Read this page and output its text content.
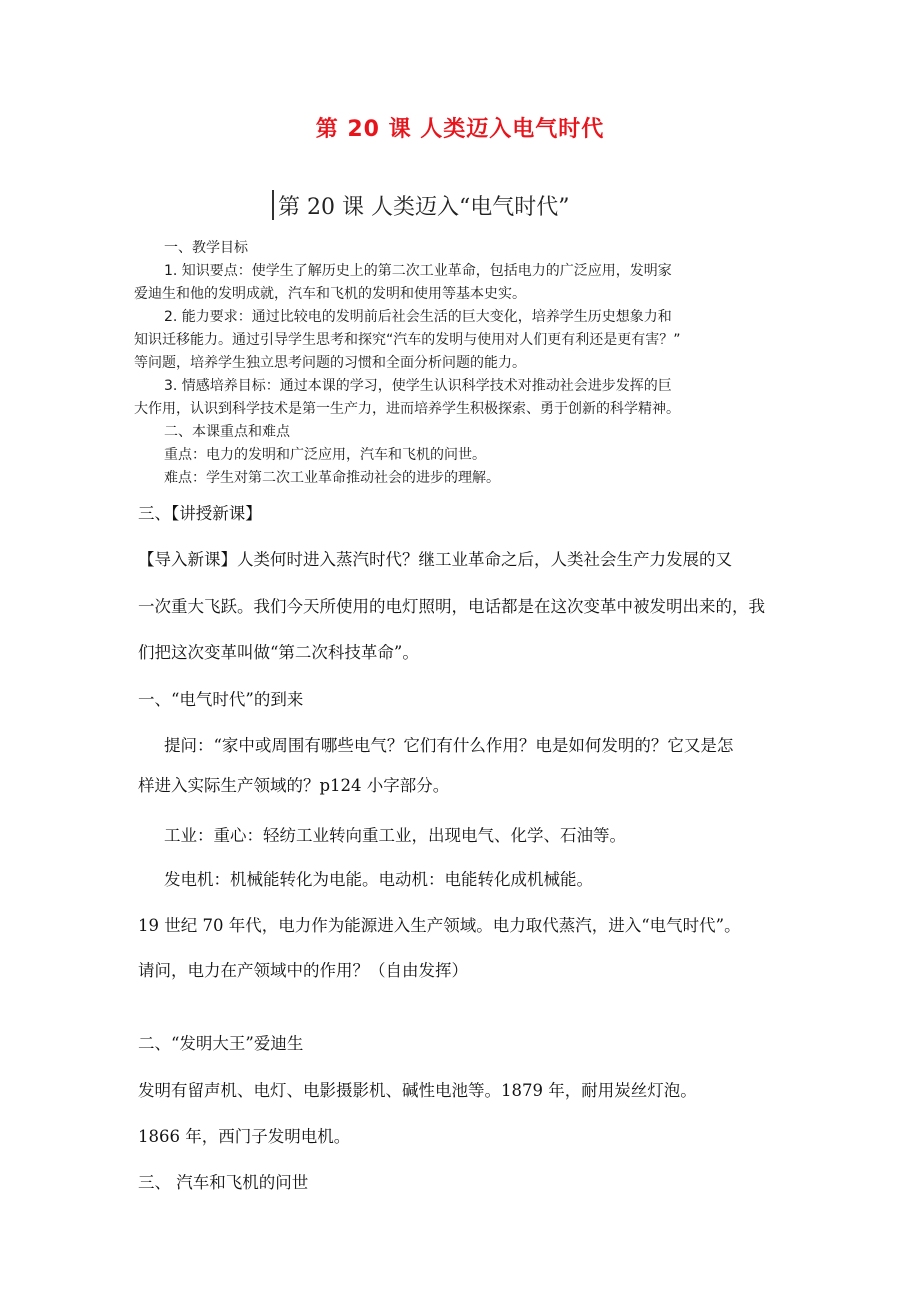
第 20 课 人类迈入电气时代
第 20 课 人类迈入“电气时代”
一、教学目标
1. 知识要点：使学生了解历史上的第二次工业革命，包括电力的广泛应用，发明家
爱迪生和他的发明成就，汽车和飞机的发明和使用等基本史实。
2. 能力要求：通过比较电的发明前后社会生活的巨大变化，培养学生历史想象力和
知识迁移能力。通过引导学生思考和探究“汽车的发明与使用对人们更有利还是更有害？”
等问题，培养学生独立思考问题的习惯和全面分析问题的能力。
3. 情感培养目标：通过本课的学习，使学生认识科学技术对推动社会进步发挥的巨
大作用，认识到科学技术是第一生产力，进而培养学生积极探索、勇于创新的科学精神。
二、本课重点和难点
重点：电力的发明和广泛应用，汽车和飞机的问世。
难点：学生对第二次工业革命推动社会的进步的理解。
三、【讲授新课】
【导入新课】人类何时进入蒸汽时代？继工业革命之后，人类社会生产力发展的又
一次重大飞跃。我们今天所使用的电灯照明，电话都是在这次变革中被发明出来的，我
们把这次变革叫做“第二次科技革命”。
一、“电气时代”的到来
提问：“家中或周围有哪些电气？它们有什么作用？电是如何发明的？它又是怎
样进入实际生产领域的？p124 小字部分。
工业：重心：轻纺工业转向重工业，出现电气、化学、石油等。
发电机：机械能转化为电能。电动机：电能转化成机械能。
19 世纪 70 年代，电力作为能源进入生产领域。电力取代蒸汽，进入“电气时代”。
请问，电力在产领域中的作用？（自由发挥）
二、“发明大王”爱迪生
发明有留声机、电灯、电影摄影机、碱性电池等。1879 年，耐用炭丝灯泡。
1866 年，西门子发明电机。
三、 汽车和飞机的问世
